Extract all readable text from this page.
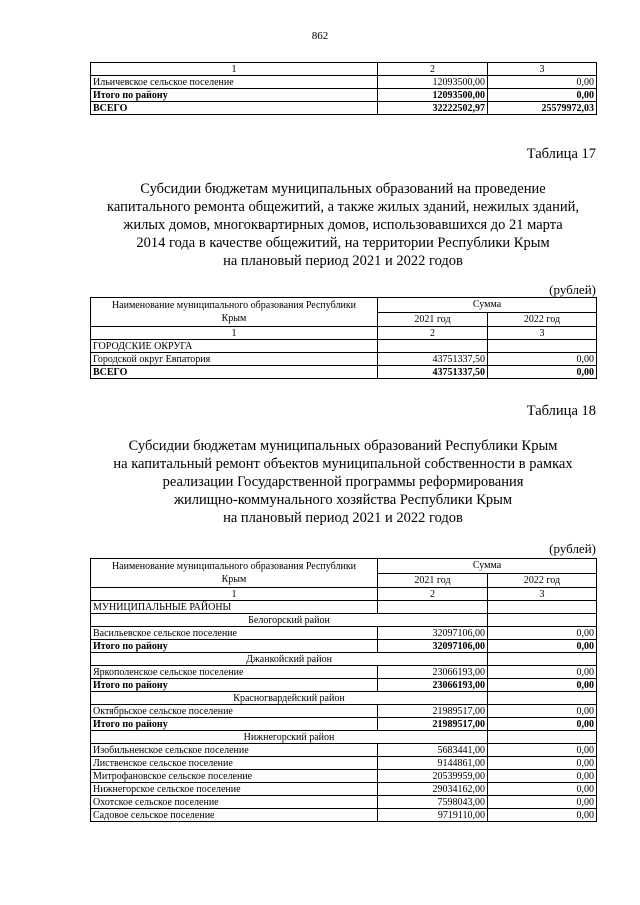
862
1	2	3
Ильичевское сельское поселение	12093500,00	0,00
Итого по району	12093500,00	0,00
ВСЕГО	32222502,97	25579972,03
Таблица 17
Субсидии бюджетам муниципальных образований на проведение
капитального ремонта общежитий, а также жилых зданий, нежилых зданий,
жилых домов, многоквартирных домов, использовавшихся до 21 марта
2014 года в качестве общежитий, на территории Республики Крым
на плановый период 2021 и 2022 годов
(рублей)
Наименование муниципального образования Республики Крым	Сумма	
	2021 год	2022 год
1	2	3
ГОРОДСКИЕ ОКРУГА		
Городской округ Евпатория	43751337,50	0,00
ВСЕГО	43751337,50	0,00
Таблица 18
Субсидии бюджетам муниципальных образований Республики Крым
на капитальный ремонт объектов муниципальной собственности в рамках
реализации Государственной программы реформирования
жилищно-коммунального хозяйства Республики Крым
на плановый период 2021 и 2022 годов
(рублей)
Наименование муниципального образования Республики Крым	Сумма	
	2021 год	2022 год
1	2	3
МУНИЦИПАЛЬНЫЕ РАЙОНЫ		
Белогорский район		
Васильевское сельское поселение	32097106,00	0,00
Итого по району	32097106,00	0,00
Джанкойский район		
Яркополенское сельское поселение	23066193,00	0,00
Итого по району	23066193,00	0,00
Красногвардейский район		
Октябрьское сельское поселение	21989517,00	0,00
Итого по району	21989517,00	0,00
Нижнегорский район		
Изобильненское сельское поселение	5683441,00	0,00
Лиственское сельское поселение	9144861,00	0,00
Митрофановское сельское поселение	20539959,00	0,00
Нижнегорское сельское поселение	29034162,00	0,00
Охотское сельское поселение	7598043,00	0,00
Садовое сельское поселение	9719110,00	0,00
